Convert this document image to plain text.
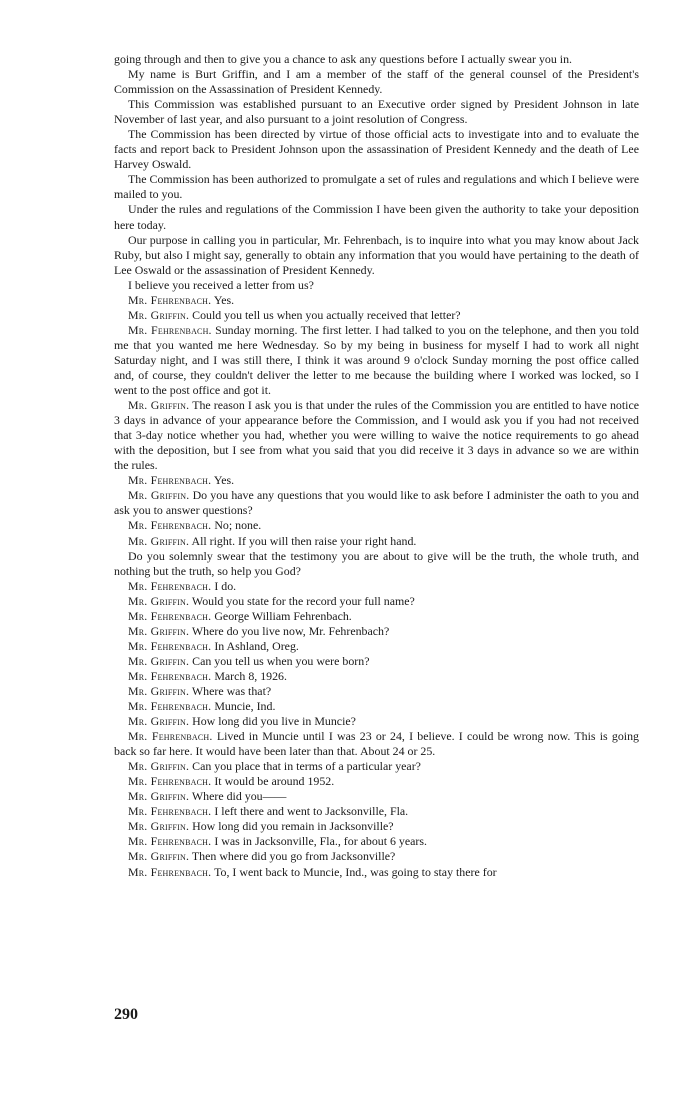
going through and then to give you a chance to ask any questions before I actually swear you in.

My name is Burt Griffin, and I am a member of the staff of the general counsel of the President's Commission on the Assassination of President Kennedy.

This Commission was established pursuant to an Executive order signed by President Johnson in late November of last year, and also pursuant to a joint resolution of Congress.

The Commission has been directed by virtue of those official acts to investigate into and to evaluate the facts and report back to President Johnson upon the assassination of President Kennedy and the death of Lee Harvey Oswald.

The Commission has been authorized to promulgate a set of rules and regulations and which I believe were mailed to you.

Under the rules and regulations of the Commission I have been given the authority to take your deposition here today.

Our purpose in calling you in particular, Mr. Fehrenbach, is to inquire into what you may know about Jack Ruby, but also I might say, generally to obtain any information that you would have pertaining to the death of Lee Oswald or the assassination of President Kennedy.

I believe you received a letter from us?

Mr. Fehrenbach. Yes.

Mr. Griffin. Could you tell us when you actually received that letter?

Mr. Fehrenbach. Sunday morning. The first letter. I had talked to you on the telephone, and then you told me that you wanted me here Wednesday. So by my being in business for myself I had to work all night Saturday night, and I was still there, I think it was around 9 o'clock Sunday morning the post office called and, of course, they couldn't deliver the letter to me because the building where I worked was locked, so I went to the post office and got it.

Mr. Griffin. The reason I ask you is that under the rules of the Commission you are entitled to have notice 3 days in advance of your appearance before the Commission, and I would ask you if you had not received that 3-day notice whether you had, whether you were willing to waive the notice requirements to go ahead with the deposition, but I see from what you said that you did receive it 3 days in advance so we are within the rules.

Mr. Fehrenbach. Yes.

Mr. Griffin. Do you have any questions that you would like to ask before I administer the oath to you and ask you to answer questions?

Mr. Fehrenbach. No; none.

Mr. Griffin. All right. If you will then raise your right hand.

Do you solemnly swear that the testimony you are about to give will be the truth, the whole truth, and nothing but the truth, so help you God?

Mr. Fehrenbach. I do.

Mr. Griffin. Would you state for the record your full name?

Mr. Fehrenbach. George William Fehrenbach.

Mr. Griffin. Where do you live now, Mr. Fehrenbach?

Mr. Fehrenbach. In Ashland, Oreg.

Mr. Griffin. Can you tell us when you were born?

Mr. Fehrenbach. March 8, 1926.

Mr. Griffin. Where was that?

Mr. Fehrenbach. Muncie, Ind.

Mr. Griffin. How long did you live in Muncie?

Mr. Fehrenbach. Lived in Muncie until I was 23 or 24, I believe. I could be wrong now. This is going back so far here. It would have been later than that. About 24 or 25.

Mr. Griffin. Can you place that in terms of a particular year?

Mr. Fehrenbach. It would be around 1952.

Mr. Griffin. Where did you——

Mr. Fehrenbach. I left there and went to Jacksonville, Fla.

Mr. Griffin. How long did you remain in Jacksonville?

Mr. Fehrenbach. I was in Jacksonville, Fla., for about 6 years.

Mr. Griffin. Then where did you go from Jacksonville?

Mr. Fehrenbach. To, I went back to Muncie, Ind., was going to stay there for

290
